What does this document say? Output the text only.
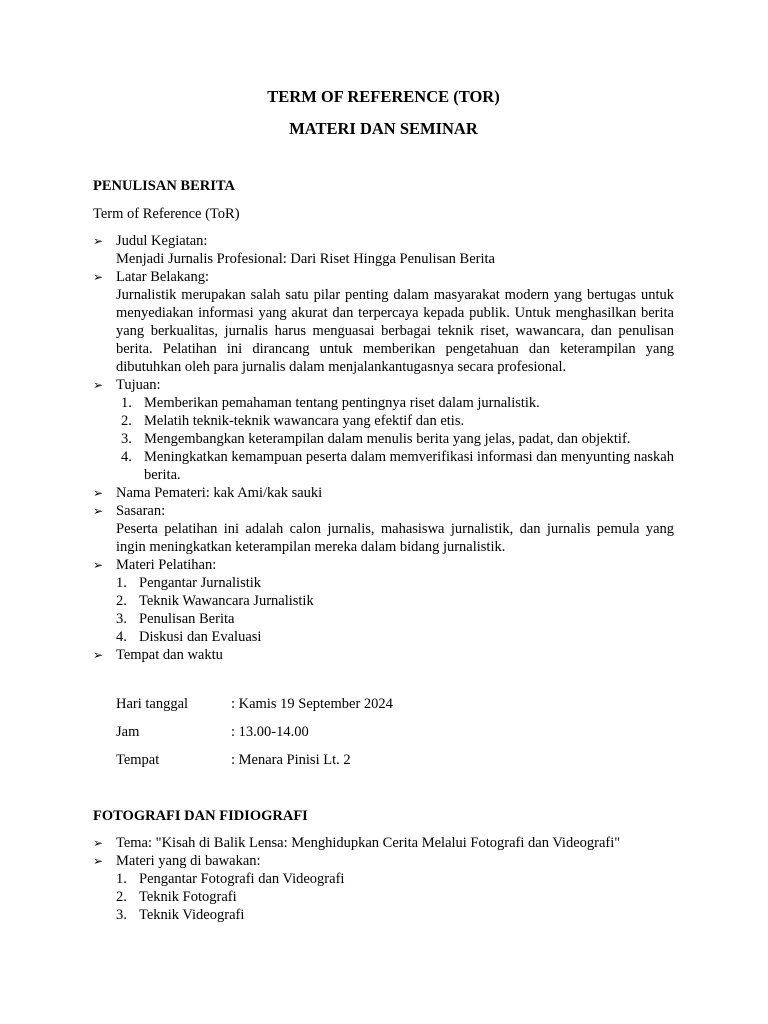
TERM OF REFERENCE (TOR)
MATERI DAN SEMINAR
PENULISAN BERITA
Term of Reference (ToR)
➢ Judul Kegiatan:
Menjadi Jurnalis Profesional: Dari Riset Hingga Penulisan Berita
➢ Latar Belakang:
Jurnalistik merupakan salah satu pilar penting dalam masyarakat modern yang bertugas untuk menyediakan informasi yang akurat dan terpercaya kepada publik. Untuk menghasilkan berita yang berkualitas, jurnalis harus menguasai berbagai teknik riset, wawancara, dan penulisan berita. Pelatihan ini dirancang untuk memberikan pengetahuan dan keterampilan yang dibutuhkan oleh para jurnalis dalam menjalankantugasnya secara profesional.
➢ Tujuan:
1. Memberikan pemahaman tentang pentingnya riset dalam jurnalistik.
2. Melatih teknik-teknik wawancara yang efektif dan etis.
3. Mengembangkan keterampilan dalam menulis berita yang jelas, padat, dan objektif.
4. Meningkatkan kemampuan peserta dalam memverifikasi informasi dan menyunting naskah berita.
➢ Nama Pemateri: kak Ami/kak sauki
➢ Sasaran:
Peserta pelatihan ini adalah calon jurnalis, mahasiswa jurnalistik, dan jurnalis pemula yang ingin meningkatkan keterampilan mereka dalam bidang jurnalistik.
➢ Materi Pelatihan:
1. Pengantar Jurnalistik
2. Teknik Wawancara Jurnalistik
3. Penulisan Berita
4. Diskusi dan Evaluasi
➢ Tempat dan waktu
Hari tanggal	: Kamis 19 September 2024
Jam	: 13.00-14.00
Tempat	: Menara Pinisi Lt. 2
FOTOGRAFI DAN FIDIOGRAFI
➢ Tema: "Kisah di Balik Lensa: Menghidupkan Cerita Melalui Fotografi dan Videografi"
➢ Materi yang di bawakan:
1. Pengantar Fotografi dan Videografi
2. Teknik Fotografi
3. Teknik Videografi
